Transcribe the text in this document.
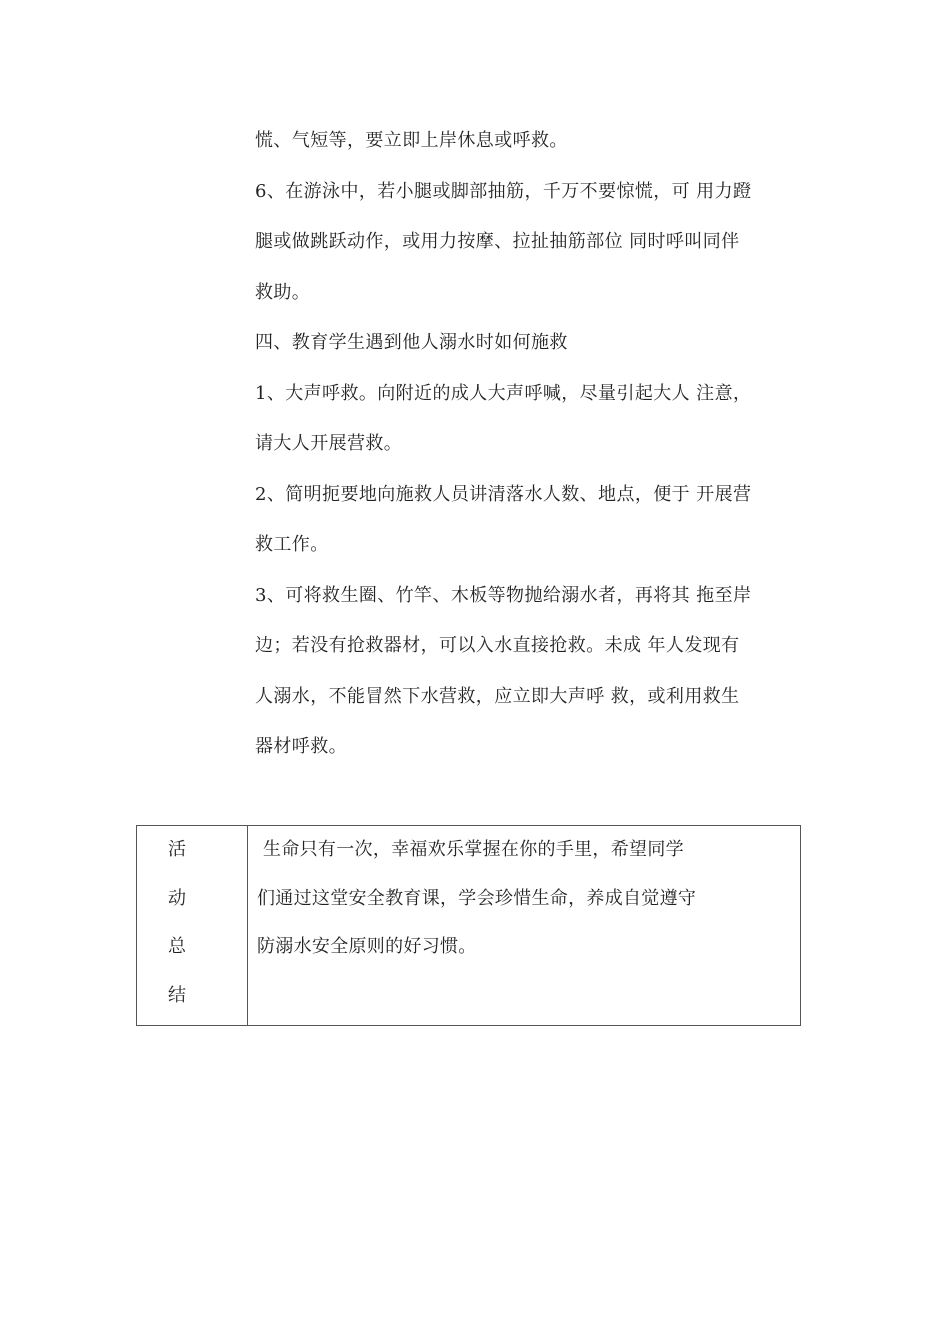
慌、气短等，要立即上岸休息或呼救。
6、在游泳中，若小腿或脚部抽筋，千万不要惊慌，可 用力蹬
腿或做跳跃动作，或用力按摩、拉扯抽筋部位 同时呼叫同伴
救助。
四、教育学生遇到他人溺水时如何施救
1、大声呼救。向附近的成人大声呼喊，尽量引起大人 注意，
请大人开展营救。
2、简明扼要地向施救人员讲清落水人数、地点，便于 开展营
救工作。
3、可将救生圈、竹竿、木板等物抛给溺水者，再将其 拖至岸
边；若没有抢救器材，可以入水直接抢救。未成 年人发现有
人溺水，不能冒然下水营救，应立即大声呼 救，或利用救生
器材呼救。
活
动
总
结
生命只有一次，幸福欢乐掌握在你的手里，希望同学
们通过这堂安全教育课，学会珍惜生命，养成自觉遵守
防溺水安全原则的好习惯。
